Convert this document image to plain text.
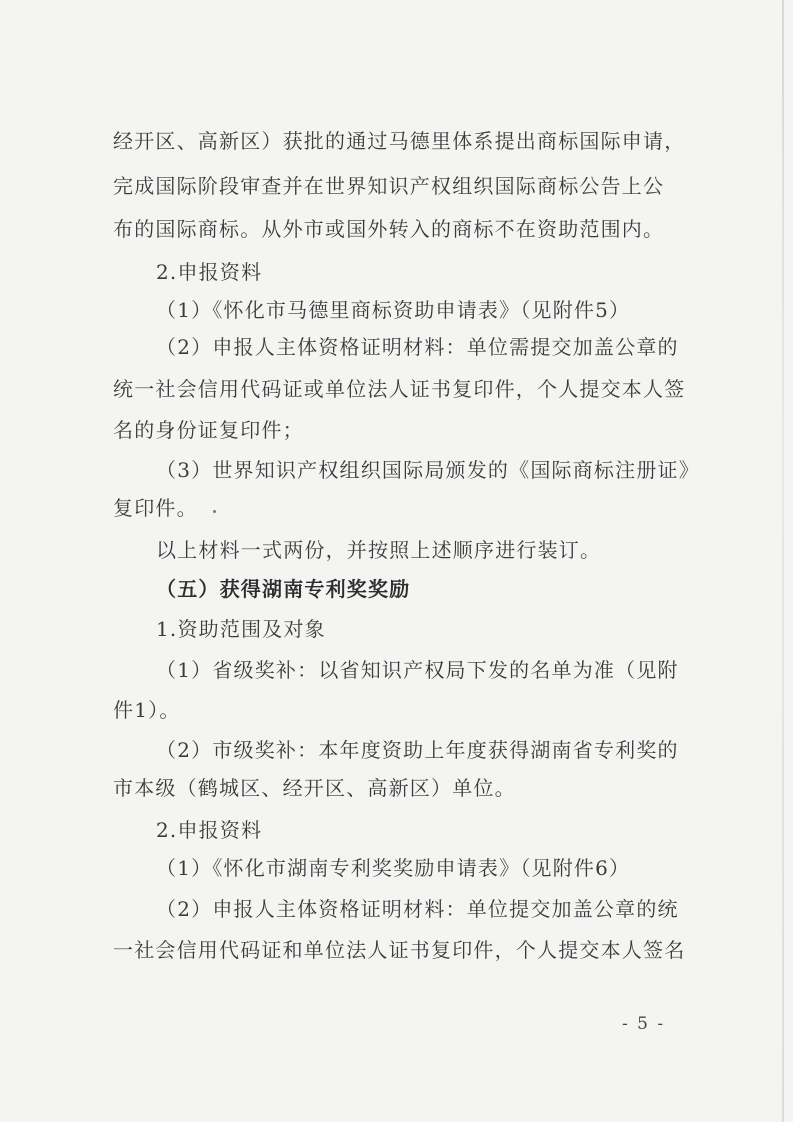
经开区、高新区）获批的通过马德里体系提出商标国际申请，
完成国际阶段审查并在世界知识产权组织国际商标公告上公
布的国际商标。从外市或国外转入的商标不在资助范围内。
2.申报资料
（1）《怀化市马德里商标资助申请表》（见附件5）
（2）申报人主体资格证明材料：单位需提交加盖公章的
统一社会信用代码证或单位法人证书复印件，个人提交本人签
名的身份证复印件；
（3）世界知识产权组织国际局颁发的《国际商标注册证》
复印件。
以上材料一式两份，并按照上述顺序进行装订。
（五）获得湖南专利奖奖励
1.资助范围及对象
（1）省级奖补：以省知识产权局下发的名单为准（见附
件1）。
（2）市级奖补：本年度资助上年度获得湖南省专利奖的
市本级（鹤城区、经开区、高新区）单位。
2.申报资料
（1）《怀化市湖南专利奖奖励申请表》（见附件6）
（2）申报人主体资格证明材料：单位提交加盖公章的统
一社会信用代码证和单位法人证书复印件，个人提交本人签名
- 5 -
